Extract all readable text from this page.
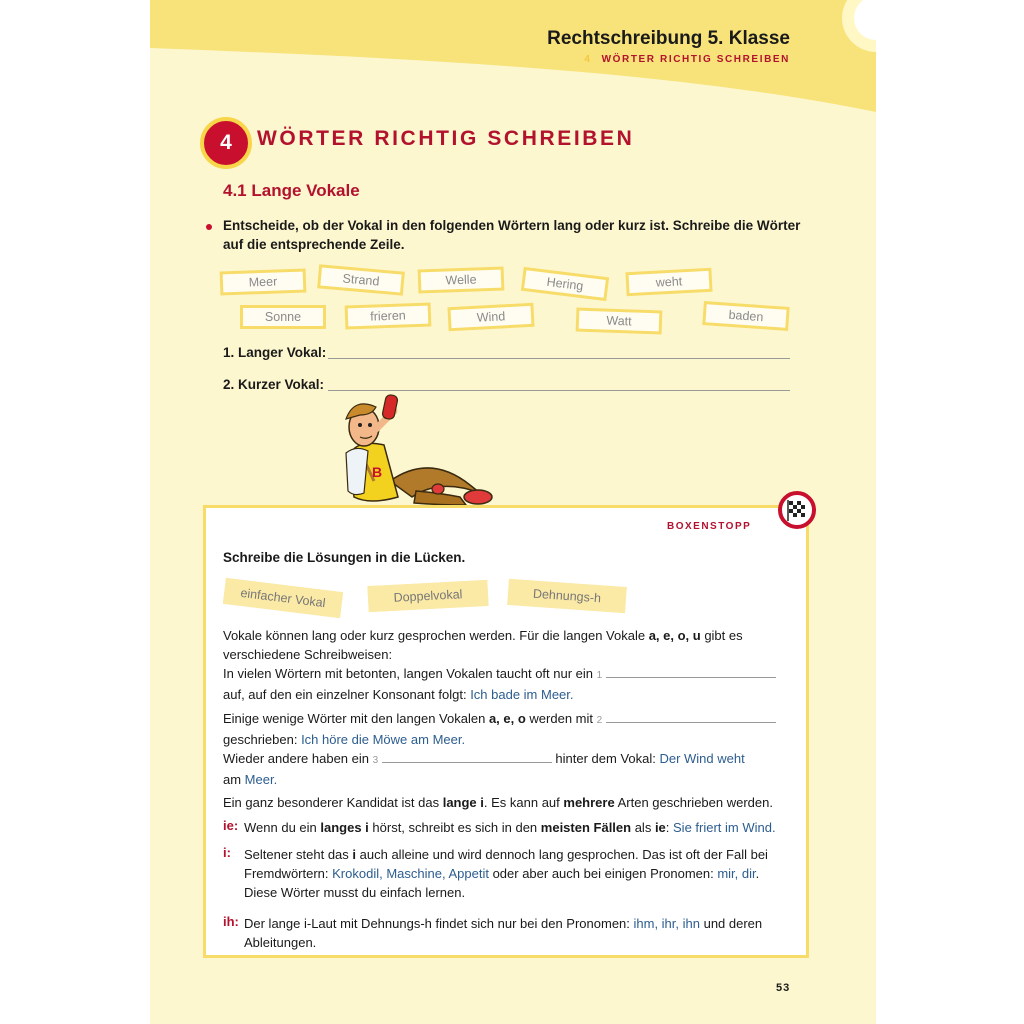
Rechtschreibung 5. Klasse
4 WÖRTER RICHTIG SCHREIBEN
4	WÖRTER RICHTIG SCHREIBEN
4.1 Lange Vokale
Entscheide, ob der Vokal in den folgenden Wörtern lang oder kurz ist. Schreibe die Wörter auf die entsprechende Zeile.
Meer	Strand	Welle	Hering	weht
Sonne	frieren	Wind	Watt	baden
1. Langer Vokal:
2. Kurzer Vokal:
B
BOXENSTOPP
Schreibe die Lösungen in die Lücken.
einfacher Vokal	Doppelvokal	Dehnungs-h
Vokale können lang oder kurz gesprochen werden. Für die langen Vokale a, e, o, u gibt es verschiedene Schreibweisen:
In vielen Wörtern mit betonten, langen Vokalen taucht oft nur ein 1
auf, auf den ein einzelner Konsonant folgt: Ich bade im Meer.
Einige wenige Wörter mit den langen Vokalen a, e, o werden mit 2
geschrieben: Ich höre die Möwe am Meer.
Wieder andere haben ein 3	hinter dem Vokal: Der Wind weht
am Meer.
Ein ganz besonderer Kandidat ist das lange i. Es kann auf mehrere Arten geschrieben werden.
ie: Wenn du ein langes i hörst, schreibt es sich in den meisten Fällen als ie: Sie friert im Wind.
i: Seltener steht das i auch alleine und wird dennoch lang gesprochen. Das ist oft der Fall bei Fremdwörtern: Krokodil, Maschine, Appetit oder aber auch bei einigen Pronomen: mir, dir. Diese Wörter musst du einfach lernen.
ih: Der lange i-Laut mit Dehnungs-h findet sich nur bei den Pronomen: ihm, ihr, ihn und deren Ableitungen.
53
